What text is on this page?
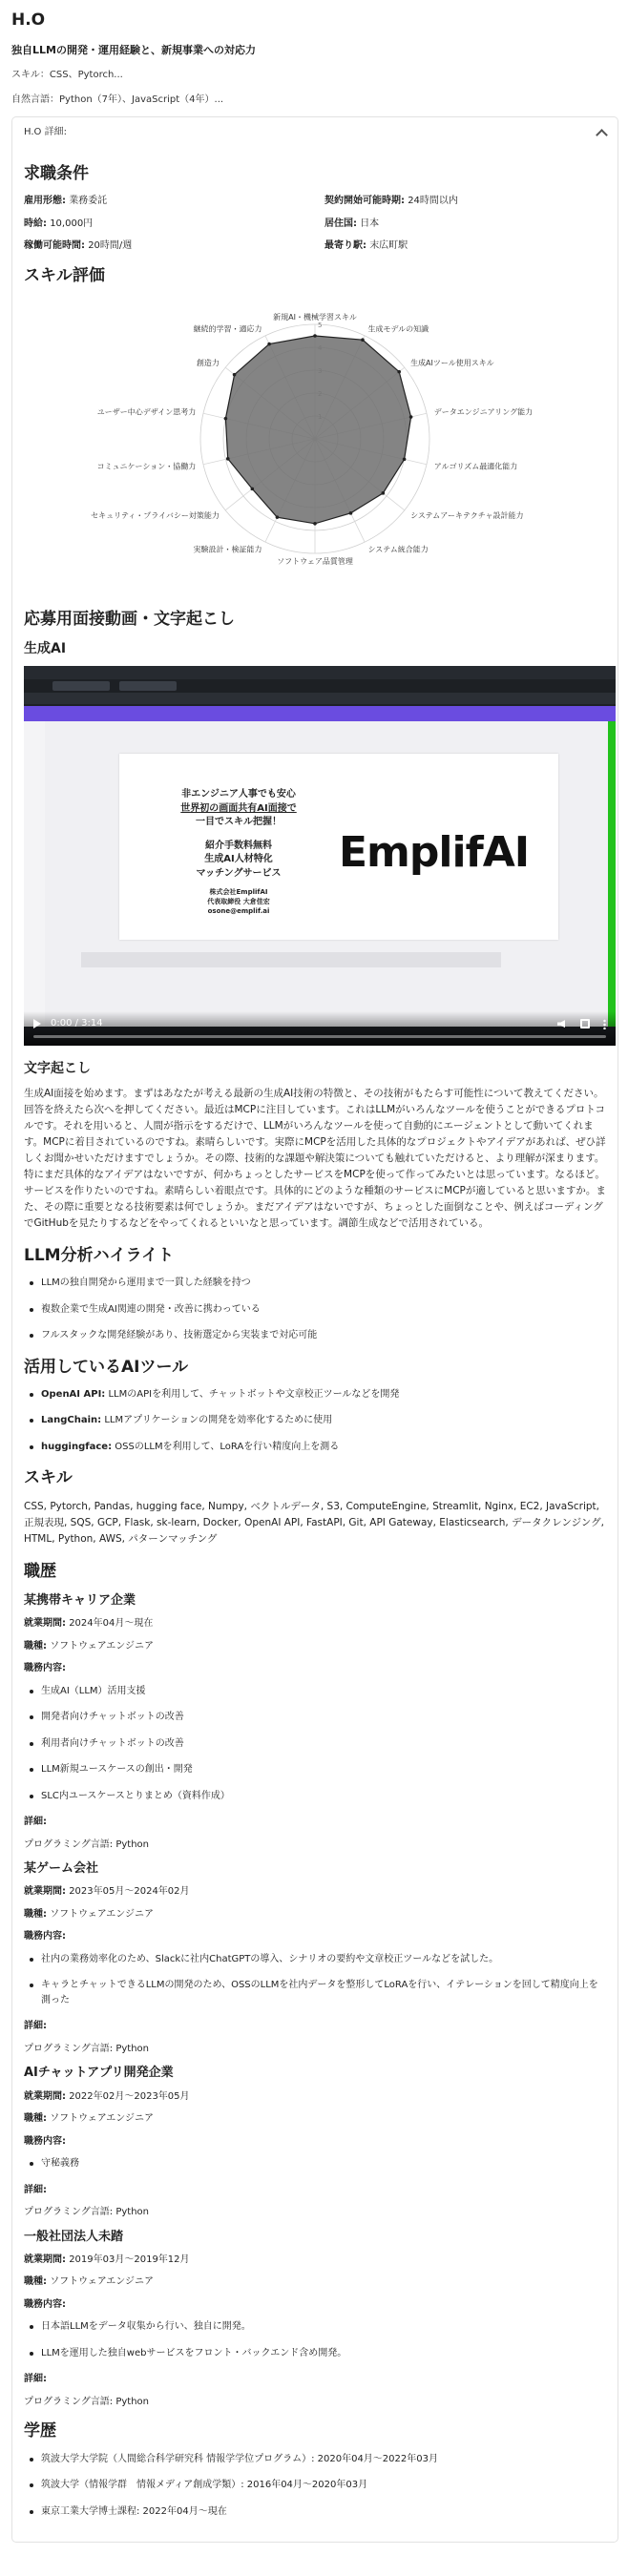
H.O
独自LLMの開発・運用経験と、新規事業への対応力
スキル：CSS、Pytorch...
自然言語：Python（7年）、JavaScript（4年）...
H.O 詳細:
求職条件
雇用形態: 業務委託	契約開始可能時期: 24時間以内
時給: 10,000円	居住国: 日本
稼働可能時間: 20時間/週	最寄り駅: 末広町駅
スキル評価
1
2
3
4
5
新規AI・機械学習スキル
生成モデルの知識
生成AIツール使用スキル
データエンジニアリング能力
アルゴリズム最適化能力
システムアーキテクチャ設計能力
システム統合能力
ソフトウェア品質管理
実験設計・検証能力
セキュリティ・プライバシー対策能力
コミュニケーション・協働力
ユーザー中心デザイン思考力
創造力
継続的学習・適応力
応募用面接動画・文字起こし
生成AI
非エンジニア人事でも安心
世界初の画面共有AI面接で
一目でスキル把握！
紹介手数料無料
生成AI人材特化
マッチングサービス
株式会社EmplifAI
代表取締役 大倉佳宏
osone@emplif.ai
EmplifAI
0:00 / 3:14
文字起こし

生成AI面接を始めます。まずはあなたが考える最新の生成AI技術の特徴と、その技術がもたらす可能性について教えてください。回答を終えたら次へを押してください。最近はMCPに注目しています。これはLLMがいろんなツールを使うことができるプロトコルです。それを用いると、人間が指示をするだけで、LLMがいろんなツールを使って自動的にエージェントとして動いてくれます。MCPに着目されているのですね。素晴らしいです。実際にMCPを活用した具体的なプロジェクトやアイデアがあれば、ぜひ詳しくお聞かせいただけますでしょうか。その際、技術的な課題や解決策についても触れていただけると、より理解が深まります。特にまだ具体的なアイデアはないですが、何かちょっとしたサービスをMCPを使って作ってみたいとは思っています。なるほど。サービスを作りたいのですね。素晴らしい着眼点です。具体的にどのような種類のサービスにMCPが適していると思いますか。また、その際に重要となる技術要素は何でしょうか。まだアイデアはないですが、ちょっとした面倒なことや、例えばコーディングでGitHubを見たりするなどをやってくれるといいなと思っています。調節生成などで活用されている。

LLM分析ハイライト
LLMの独自開発から運用まで一貫した経験を持つ
複数企業で生成AI関連の開発・改善に携わっている
フルスタックな開発経験があり、技術選定から実装まで対応可能
活用しているAIツール
OpenAI API: LLMのAPIを利用して、チャットボットや文章校正ツールなどを開発
LangChain: LLMアプリケーションの開発を効率化するために使用
huggingface: OSSのLLMを利用して、LoRAを行い精度向上を測る
スキル

CSS, Pytorch, Pandas, hugging face, Numpy, ベクトルデータ, S3, ComputeEngine, Streamlit, Nginx, EC2, JavaScript, 正規表現, SQS, GCP, Flask, sk-learn, Docker, OpenAI API, FastAPI, Git, API Gateway, Elasticsearch, データクレンジング, HTML, Python, AWS, パターンマッチング

職歴
某携帯キャリア企業
就業期間: 2024年04月〜現在
職種: ソフトウェアエンジニア
職務内容:
生成AI（LLM）活用支援
開発者向けチャットボットの改善
利用者向けチャットボットの改善
LLM新規ユースケースの創出・開発
SLC内ユースケースとりまとめ（資料作成）
詳細:
プログラミング言語: Python
某ゲーム会社
就業期間: 2023年05月〜2024年02月
職種: ソフトウェアエンジニア
職務内容:
社内の業務効率化のため、Slackに社内ChatGPTの導入、シナリオの要約や文章校正ツールなどを試した。
キャラとチャットできるLLMの開発のため、OSSのLLMを社内データを整形してLoRAを行い、イテレーションを回して精度向上を測った
詳細:
プログラミング言語: Python
AIチャットアプリ開発企業
就業期間: 2022年02月〜2023年05月
職種: ソフトウェアエンジニア
職務内容:
守秘義務
詳細:
プログラミング言語: Python
一般社団法人未踏
就業期間: 2019年03月〜2019年12月
職種: ソフトウェアエンジニア
職務内容:
日本語LLMをデータ収集から行い、独自に開発。
LLMを運用した独自webサービスをフロント・バックエンド含め開発。
詳細:
プログラミング言語: Python
学歴
筑波大学大学院（人間総合科学研究科 情報学学位プログラム）: 2020年04月〜2022年03月
筑波大学（情報学群　情報メディア創成学類）: 2016年04月〜2020年03月
東京工業大学博士課程: 2022年04月〜現在
